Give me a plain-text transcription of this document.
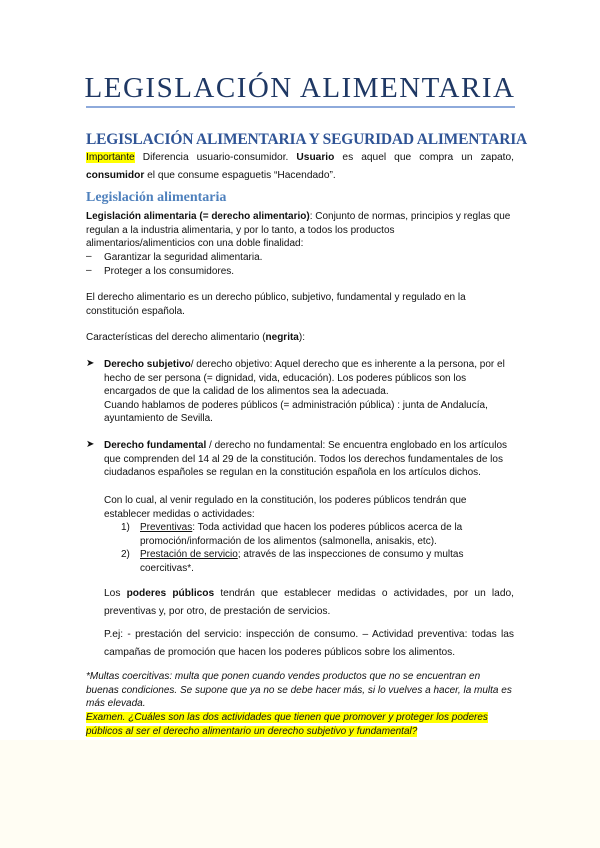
LEGISLACIÓN ALIMENTARIA
LEGISLACIÓN ALIMENTARIA Y SEGURIDAD ALIMENTARIA
Importante Diferencia usuario-consumidor. Usuario es aquel que compra un zapato,
consumidor el que consume espaguetis “Hacendado”.
Legislación alimentaria
Legislación alimentaria (= derecho alimentario): Conjunto de normas, principios y reglas que
regulan a la industria alimentaria, y por lo tanto, a todos los productos
alimentarios/alimenticios con una doble finalidad:
– Garantizar la seguridad alimentaria.
– Proteger a los consumidores.
El derecho alimentario es un derecho público, subjetivo, fundamental y regulado en la
constitución española.
Características del derecho alimentario (negrita):
➤ Derecho subjetivo/ derecho objetivo: Aquel derecho que es inherente a la persona, por el
hecho de ser persona (= dignidad, vida, educación). Los poderes públicos son los
encargados de que la calidad de los alimentos sea la adecuada.
Cuando hablamos de poderes públicos (= administración pública) : junta de Andalucía,
ayuntamiento de Sevilla.
➤ Derecho fundamental / derecho no fundamental: Se encuentra englobado en los artículos
que comprenden del 14 al 29 de la constitución. Todos los derechos fundamentales de los
ciudadanos españoles se regulan en la constitución española en los artículos dichos.
Con lo cual, al venir regulado en la constitución, los poderes públicos tendrán que
establecer medidas o actividades:
1) Preventivas: Toda actividad que hacen los poderes públicos acerca de la
promoción/información de los alimentos (salmonella, anisakis, etc).
2) Prestación de servicio; através de las inspecciones de consumo y multas
coercitivas*.
Los poderes públicos tendrán que establecer medidas o actividades, por un lado,
preventivas y, por otro, de prestación de servicios.
P.ej: - prestación del servicio: inspección de consumo. – Actividad preventiva: todas las
campañas de promoción que hacen los poderes públicos sobre los alimentos.
*Multas coercitivas: multa que ponen cuando vendes productos que no se encuentran en
buenas condiciones. Se supone que ya no se debe hacer más, si lo vuelves a hacer, la multa es
más elevada.
Examen. ¿Cuáles son las dos actividades que tienen que promover y proteger los poderes
públicos al ser el derecho alimentario un derecho subjetivo y fundamental?
